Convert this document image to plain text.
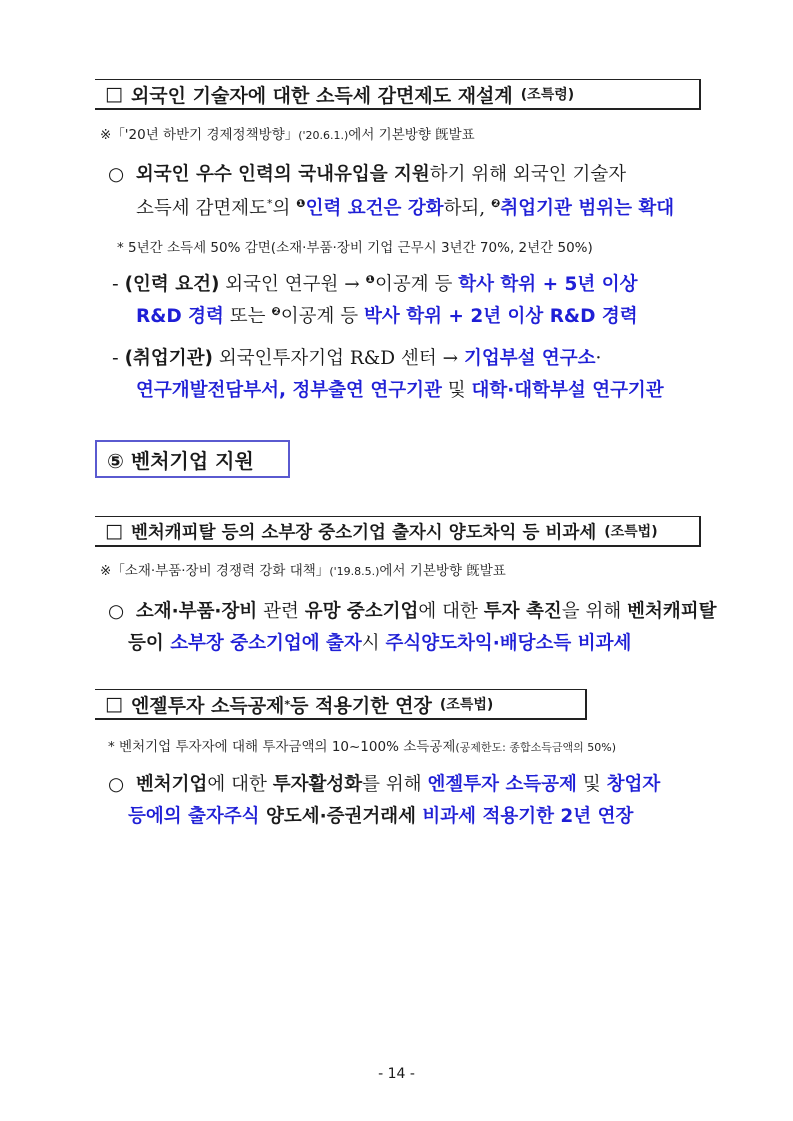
□ 외국인 기술자에 대한 소득세 감면제도 재설계 (조특령)
※「'20년 하반기 경제정책방향」('20.6.1.)에서 기본방향 旣발표
○ 외국인 우수 인력의 국내유입을 지원하기 위해 외국인 기술자
소득세 감면제도*의 $^❶$인력 요건은 강화하되, $^❷$취업기관 범위는 확대
* 5년간 소득세 50% 감면(소재·부품·장비 기업 근무시 3년간 70%, 2년간 50%)
- (인력 요건) 외국인 연구원 → $^❶$이공계 등 학사 학위 + 5년 이상
R&D 경력 또는 $^❷$이공계 등 박사 학위 + 2년 이상 R&D 경력
- (취업기관) 외국인투자기업 R&D 센터 → 기업부설 연구소·
연구개발전담부서, 정부출연 연구기관 및 대학·대학부설 연구기관
⑤ 벤처기업 지원
□ 벤처캐피탈 등의 소부장 중소기업 출자시 양도차익 등 비과세 (조특법)
※「소재·부품·장비 경쟁력 강화 대책」('19.8.5.)에서 기본방향 旣발표
○ 소재·부품·장비 관련 유망 중소기업에 대한 투자 촉진을 위해 벤처캐피탈
등이 소부장 중소기업에 출자시 주식양도차익·배당소득 비과세
□ 엔젤투자 소득공제 * 등 적용기한 연장 (조특법)
* 벤처기업 투자자에 대해 투자금액의 10~100% 소득공제(공제한도: 종합소득금액의 50%)
○ 벤처기업에 대한 투자활성화를 위해 엔젤투자 소득공제 및 창업자
등에의 출자주식 양도세·증권거래세 비과세 적용기한 2년 연장
- 14 -
